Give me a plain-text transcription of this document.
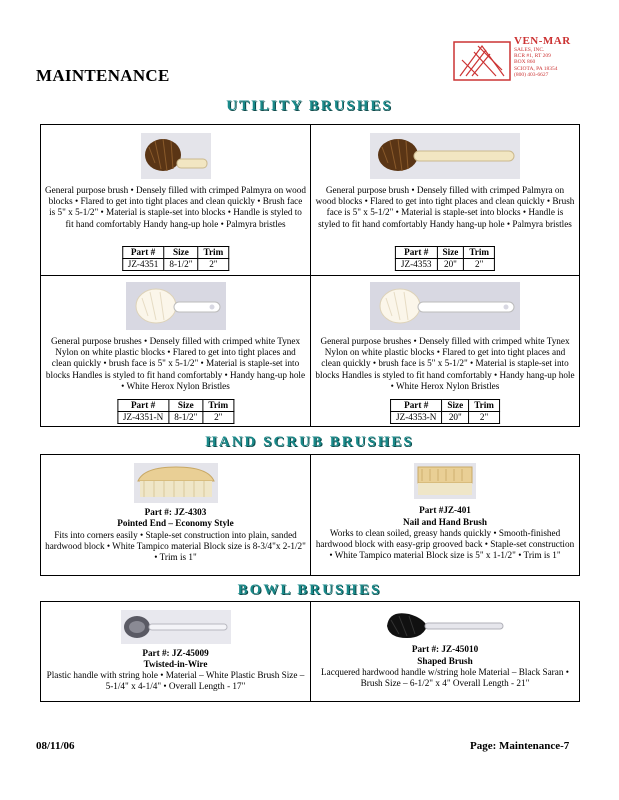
VEN-MAR
SALES, INC.
RCR #1, RT 209
BOX 860
SCIOTA, PA 18354
(800) 403-6627
MAINTENANCE
UTILITY BRUSHES
General purpose brush • Densely filled with crimped Palmyra on wood blocks • Flared to get into tight places and clean quickly • Brush face is 5" x 5-1/2" • Material is staple-set into blocks • Handle is styled to fit hand comfortably Handy hang-up hole • Palmyra bristles
Part #	Size	Trim
JZ-4351	8-1/2"	2"
General purpose brush • Densely filled with crimped Palmyra on wood blocks • Flared to get into tight places and clean quickly • Brush face is 5" x 5-1/2" • Material is staple-set into blocks • Handle is styled to fit hand comfortably Handy hang-up hole • Palmyra bristles
Part #	Size	Trim
JZ-4353	20"	2"
General purpose brushes • Densely filled with crimped white Tynex Nylon on white plastic blocks • Flared to get into tight places and clean quickly • brush face is 5" x 5-1/2" • Material is staple-set into blocks Handles is styled to fit hand comfortably • Handy hang-up hole • White Herox Nylon Bristles
Part #	Size	Trim
JZ-4351-N	8-1/2"	2"
General purpose brushes • Densely filled with crimped white Tynex Nylon on white plastic blocks • Flared to get into tight places and clean quickly • brush face is 5" x 5-1/2" • Material is staple-set into blocks Handles is styled to fit hand comfortably • Handy hang-up hole • White Herox Nylon Bristles
Part #	Size	Trim
JZ-4353-N	20"	2"
HAND SCRUB BRUSHES
Part #: JZ-4303
Pointed End – Economy Style
Fits into corners easily • Staple-set construction into plain, sanded hardwood block • White Tampico material Block size is 8-3/4"x 2-1/2" • Trim is 1"
Part #JZ-401
Nail and Hand Brush
Works to clean soiled, greasy hands quickly • Smooth-finished hardwood block with easy-grip grooved back • Staple-set construction • White Tampico material Block size is 5" x 1-1/2" • Trim is 1"
BOWL BRUSHES
Part #: JZ-45009
Twisted-in-Wire
Plastic handle with string hole • Material – White Plastic Brush Size – 5-1/4" x 4-1/4" • Overall Length - 17"
Part #: JZ-45010
Shaped Brush
Lacquered hardwood handle w/string hole Material – Black Saran • Brush Size – 6-1/2" x 4" Overall Length - 21"
08/11/06	Page: Maintenance-7
